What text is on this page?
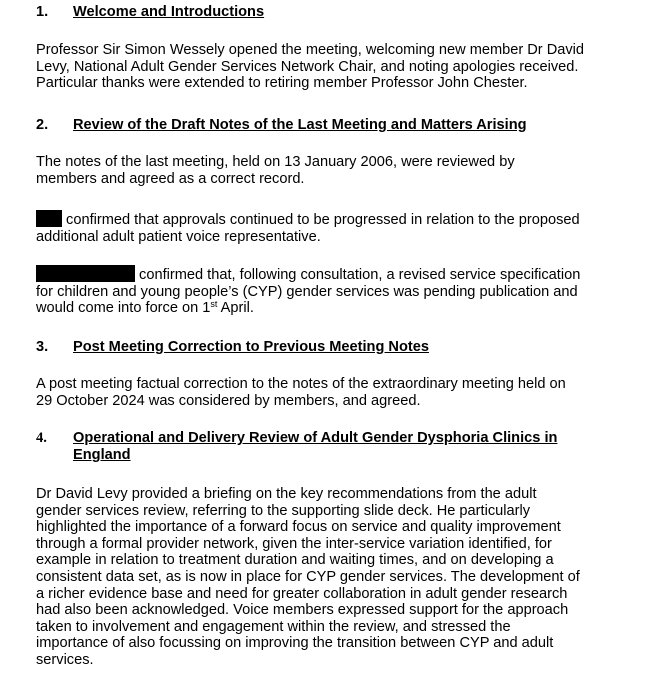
1. Welcome and Introductions
Professor Sir Simon Wessely opened the meeting, welcoming new member Dr David
Levy, National Adult Gender Services Network Chair, and noting apologies received.
Particular thanks were extended to retiring member Professor John Chester.
2. Review of the Draft Notes of the Last Meeting and Matters Arising
The notes of the last meeting, held on 13 January 2006, were reviewed by
members and agreed as a correct record.
confirmed that approvals continued to be progressed in relation to the proposed
additional adult patient voice representative.
confirmed that, following consultation, a revised service specification
for children and young people’s (CYP) gender services was pending publication and
would come into force on 1st April.
3. Post Meeting Correction to Previous Meeting Notes
A post meeting factual correction to the notes of the extraordinary meeting held on
29 October 2024 was considered by members, and agreed.
4. Operational and Delivery Review of Adult Gender Dysphoria Clinics in
England
Dr David Levy provided a briefing on the key recommendations from the adult
gender services review, referring to the supporting slide deck. He particularly
highlighted the importance of a forward focus on service and quality improvement
through a formal provider network, given the inter-service variation identified, for
example in relation to treatment duration and waiting times, and on developing a
consistent data set, as is now in place for CYP gender services. The development of
a richer evidence base and need for greater collaboration in adult gender research
had also been acknowledged. Voice members expressed support for the approach
taken to involvement and engagement within the review, and stressed the
importance of also focussing on improving the transition between CYP and adult
services.
